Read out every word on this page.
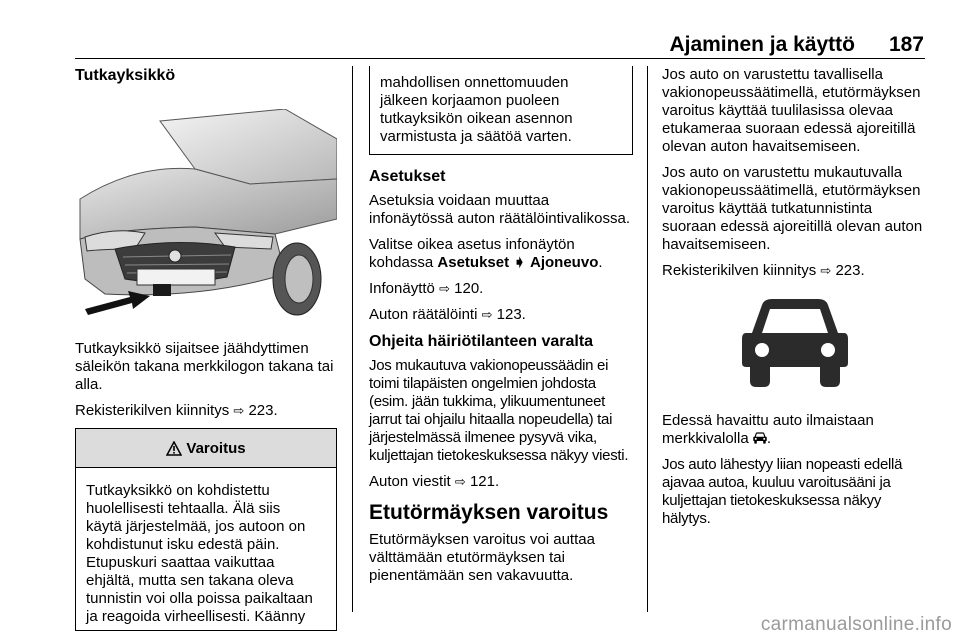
Ajaminen ja käyttö 187
Tutkayksikkö

Tutkayksikkö sijaitsee jäähdyttimen säleikön takana merkkilogon takana tai alla.

Rekisterikilven kiinnitys ⇨ 223.

Varoitus

Tutkayksikkö on kohdistettu

huolellisesti tehtaalla. Älä siis

käytä järjestelmää, jos autoon on

kohdistunut isku edestä päin.

Etupuskuri saattaa vaikuttaa

ehjältä, mutta sen takana oleva

tunnistin voi olla poissa paikaltaan

ja reagoida virheellisesti. Käänny

mahdollisen onnettomuuden

jälkeen korjaamon puoleen

tutkayksikön oikean asennon

varmistusta ja säätöä varten.

Asetukset

Asetuksia voidaan muuttaa infonäytössä auton räätälöintivalikossa.

Valitse oikea asetus infonäytön kohdassa Asetukset ➧ Ajoneuvo.

Infonäyttö ⇨ 120.

Auton räätälöinti ⇨ 123.

Ohjeita häiriötilanteen varalta

Jos mukautuva vakionopeussäädin ei toimi tilapäisten ongelmien johdosta (esim. jään tukkima, ylikuumentuneet jarrut tai ohjailu hitaalla nopeudella) tai järjestelmässä ilmenee pysyvä vika, kuljettajan tietokeskuksessa näkyy viesti.

Auton viestit ⇨ 121.

Etutörmäyksen varoitus

Etutörmäyksen varoitus voi auttaa välttämään etutörmäyksen tai pienentämään sen vakavuutta.

Jos auto on varustettu tavallisella vakionopeussäätimellä, etutörmäyksen varoitus käyttää tuulilasissa olevaa etukameraa suoraan edessä ajoreitillä olevan auton havaitsemiseen.

Jos auto on varustettu mukautuvalla vakionopeussäätimellä, etutörmäyksen varoitus käyttää tutkatunnistinta suoraan edessä ajoreitillä olevan auton havaitsemiseen.

Rekisterikilven kiinnitys ⇨ 223.

Edessä havaittu auto ilmaistaan merkkivalolla .

Jos auto lähestyy liian nopeasti edellä ajavaa autoa, kuuluu varoitusääni ja kuljettajan tietokeskuksessa näkyy hälytys.

carmanualsonline.info
